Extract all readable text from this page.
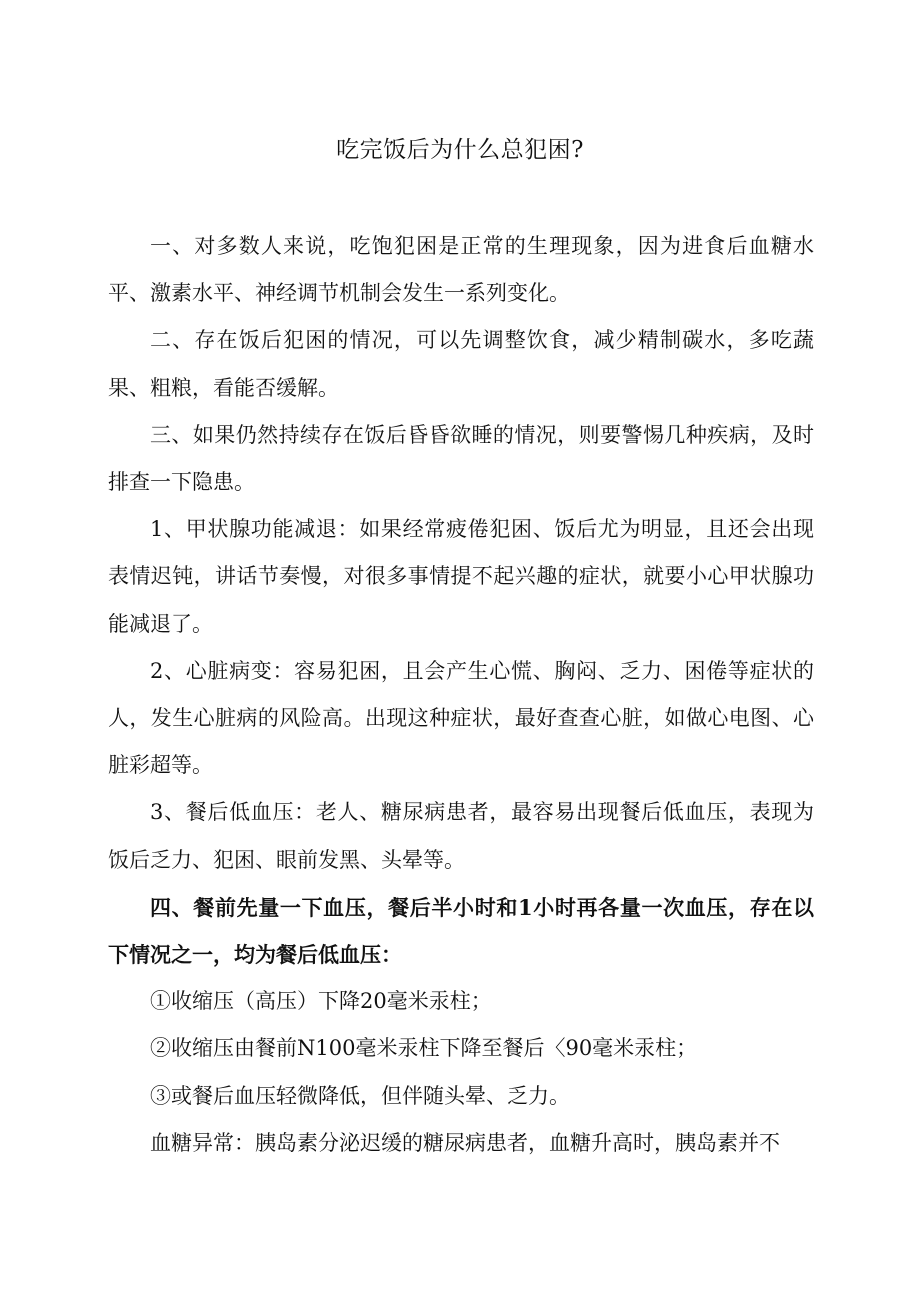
吃完饭后为什么总犯困?

一、对多数人来说，吃饱犯困是正常的生理现象，因为进食后血糖水平、激素水平、神经调节机制会发生一系列变化。

二、存在饭后犯困的情况，可以先调整饮食，减少精制碳水，多吃蔬果、粗粮，看能否缓解。

三、如果仍然持续存在饭后昏昏欲睡的情况，则要警惕几种疾病，及时排查一下隐患。

1、甲状腺功能减退：如果经常疲倦犯困、饭后尤为明显，且还会出现表情迟钝，讲话节奏慢，对很多事情提不起兴趣的症状，就要小心甲状腺功能减退了。

2、心脏病变：容易犯困，且会产生心慌、胸闷、乏力、困倦等症状的人，发生心脏病的风险高。出现这种症状，最好查查心脏，如做心电图、心脏彩超等。

3、餐后低血压：老人、糖尿病患者，最容易出现餐后低血压，表现为饭后乏力、犯困、眼前发黑、头晕等。

四、餐前先量一下血压，餐后半小时和1小时再各量一次血压，存在以下情况之一，均为餐后低血压：

①收缩压（高压）下降20毫米汞柱；

②收缩压由餐前N100毫米汞柱下降至餐后〈90毫米汞柱；

③或餐后血压轻微降低，但伴随头晕、乏力。

血糖异常：胰岛素分泌迟缓的糖尿病患者，血糖升高时，胰岛素并不
